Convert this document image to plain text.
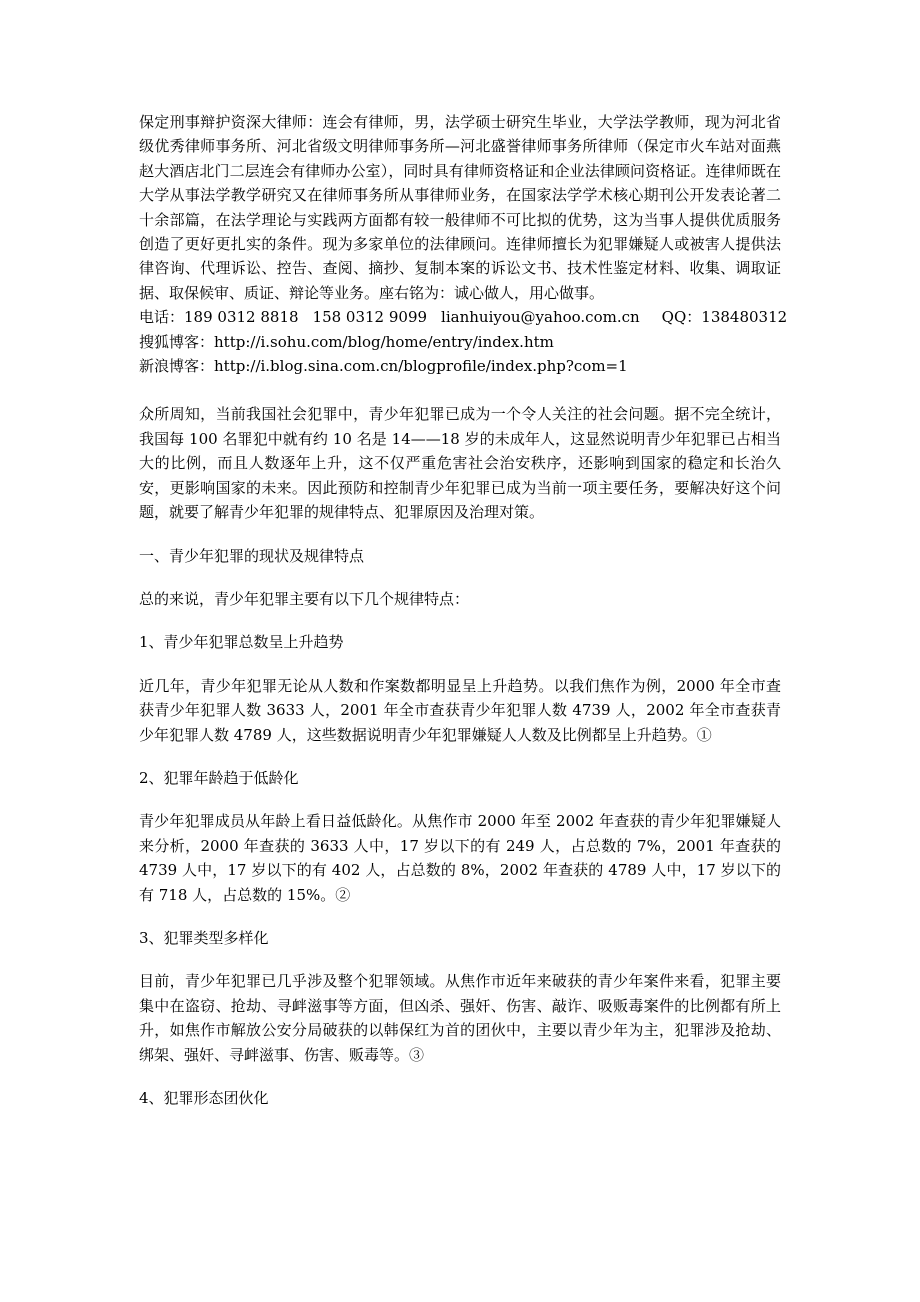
保定刑事辩护资深大律师：连会有律师，男，法学硕士研究生毕业，大学法学教师，现为河北省级优秀律师事务所、河北省级文明律师事务所—河北盛誉律师事务所律师（保定市火车站对面燕赵大酒店北门二层连会有律师办公室），同时具有律师资格证和企业法律顾问资格证。连律师既在大学从事法学教学研究又在律师事务所从事律师业务，在国家法学学术核心期刊公开发表论著二十余部篇，在法学理论与实践两方面都有较一般律师不可比拟的优势，这为当事人提供优质服务创造了更好更扎实的条件。现为多家单位的法律顾问。连律师擅长为犯罪嫌疑人或被害人提供法律咨询、代理诉讼、控告、查阅、摘抄、复制本案的诉讼文书、技术性鉴定材料、收集、调取证据、取保候审、质证、辩论等业务。座右铭为：诚心做人，用心做事。

电话：189 0312 8818 158 0312 9099 lianhuiyou@yahoo.com.cn QQ：138480312
搜狐博客：http://i.sohu.com/blog/home/entry/index.htm
新浪博客：http://i.blog.sina.com.cn/blogprofile/index.php?com=1

众所周知，当前我国社会犯罪中，青少年犯罪已成为一个令人关注的社会问题。据不完全统计，我国每 100 名罪犯中就有约 10 名是 14——18 岁的未成年人，这显然说明青少年犯罪已占相当大的比例，而且人数逐年上升，这不仅严重危害社会治安秩序，还影响到国家的稳定和长治久安，更影响国家的未来。因此预防和控制青少年犯罪已成为当前一项主要任务，要解决好这个问题，就要了解青少年犯罪的规律特点、犯罪原因及治理对策。

一、青少年犯罪的现状及规律特点

总的来说，青少年犯罪主要有以下几个规律特点：

1、青少年犯罪总数呈上升趋势

近几年，青少年犯罪无论从人数和作案数都明显呈上升趋势。以我们焦作为例，2000 年全市查获青少年犯罪人数 3633 人，2001 年全市查获青少年犯罪人数 4739 人，2002 年全市查获青少年犯罪人数 4789 人，这些数据说明青少年犯罪嫌疑人人数及比例都呈上升趋势。①

2、犯罪年龄趋于低龄化

青少年犯罪成员从年龄上看日益低龄化。从焦作市 2000 年至 2002 年查获的青少年犯罪嫌疑人来分析，2000 年查获的 3633 人中，17 岁以下的有 249 人，占总数的 7%，2001 年查获的 4739 人中，17 岁以下的有 402 人，占总数的 8%，2002 年查获的 4789 人中，17 岁以下的有 718 人，占总数的 15%。②

3、犯罪类型多样化

目前，青少年犯罪已几乎涉及整个犯罪领域。从焦作市近年来破获的青少年案件来看，犯罪主要集中在盗窃、抢劫、寻衅滋事等方面，但凶杀、强奸、伤害、敲诈、吸贩毒案件的比例都有所上升，如焦作市解放公安分局破获的以韩保红为首的团伙中，主要以青少年为主，犯罪涉及抢劫、绑架、强奸、寻衅滋事、伤害、贩毒等。③

4、犯罪形态团伙化
